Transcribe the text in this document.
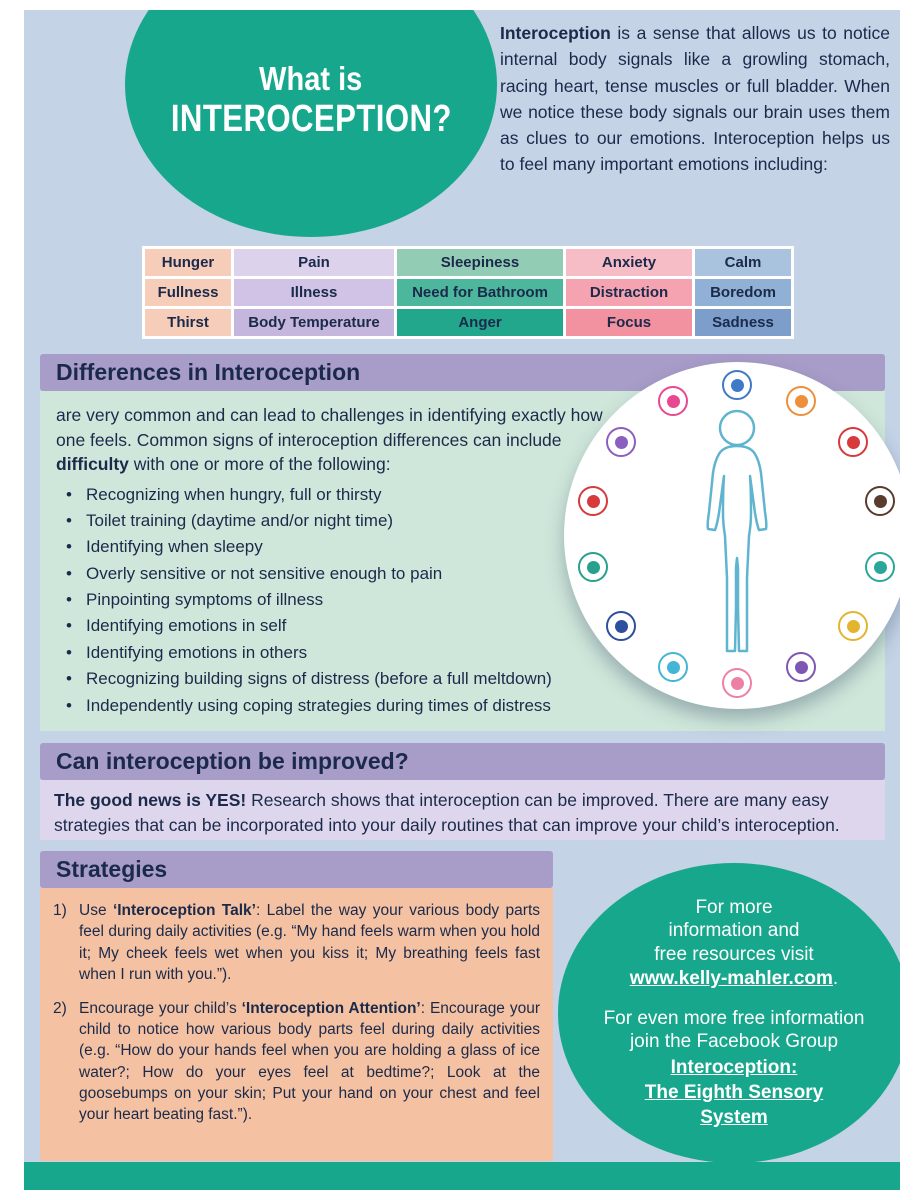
What is
INTEROCEPTION?

Interoception is a sense that allows us to notice internal body signals like a growling stomach, racing heart, tense muscles or full bladder. When we notice these body signals our brain uses them as clues to our emotions. Interoception helps us to feel many important emotions including:

Hunger	Pain	Sleepiness	Anxiety	Calm
Fullness	Illness	Need for Bathroom	Distraction	Boredom
Thirst	Body Temperature	Anger	Focus	Sadness
Differences in Interoception

are very common and can lead to challenges in identifying exactly how one feels. Common signs of interoception differences can include difficulty with one or more of the following:

• Recognizing when hungry, full or thirsty
• Toilet training (daytime and/or night time)
• Identifying when sleepy
• Overly sensitive or not sensitive enough to pain
• Pinpointing symptoms of illness
• Identifying emotions in self
• Identifying emotions in others
• Recognizing building signs of distress (before a full meltdown)
• Independently using coping strategies during times of distress
Can interoception be improved?

The good news is YES! Research shows that interoception can be improved. There are many easy strategies that can be incorporated into your daily routines that can improve your child’s interoception.

Strategies
1) Use ‘Interoception Talk’: Label the way your various body parts feel during daily activities (e.g. “My hand feels warm when you hold it; My cheek feels wet when you kiss it; My breathing feels fast when I run with you.”).

2) Encourage your child’s ‘Interoception Attention’: Encourage your child to notice how various body parts feel during daily activities (e.g. “How do your hands feel when you are holding a glass of ice water?; How do your eyes feel at bedtime?; Look at the goosebumps on your skin; Put your hand on your chest and feel your heart beating fast.”).

For more
information and
free resources visit
www.kelly-mahler.com.

For even more free information
join the Facebook Group

Interoception:
The Eighth Sensory
System
